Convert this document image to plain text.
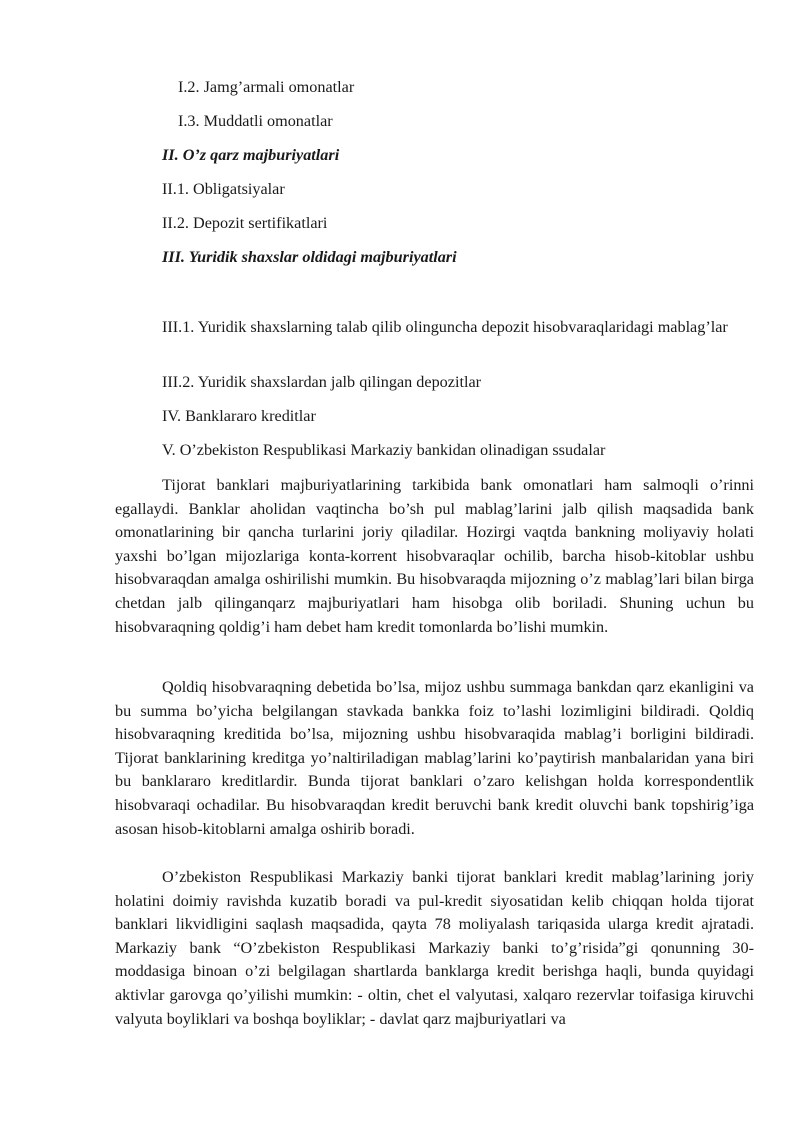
I.2. Jamg’armali omonatlar
I.3. Muddatli omonatlar
II. O’z qarz majburiyatlari
II.1. Obligatsiyalar
II.2. Depozit sertifikatlari
III. Yuridik shaxslar oldidagi majburiyatlari

III.1. Yuridik shaxslarning talab qilib olinguncha depozit hisobvaraqlaridagi mablag’lar

III.2. Yuridik shaxslardan jalb qilingan depozitlar
IV. Banklararo kreditlar
V. O’zbekiston Respublikasi Markaziy bankidan olinadigan ssudalar

Tijorat banklari majburiyatlarining tarkibida bank omonatlari ham salmoqli o’rinni egallaydi. Banklar aholidan vaqtincha bo’sh pul mablag’larini jalb qilish maqsadida bank omonatlarining bir qancha turlarini joriy qiladilar. Hozirgi vaqtda bankning moliyaviy holati yaxshi bo’lgan mijozlariga konta-korrent hisobvaraqlar ochilib, barcha hisob-kitoblar ushbu hisobvaraqdan amalga oshirilishi mumkin. Bu hisobvaraqda mijozning o’z mablag’lari bilan birga chetdan jalb qilinganqarz majburiyatlari ham hisobga olib boriladi. Shuning uchun bu hisobvaraqning qoldig’i ham debet ham kredit tomonlarda bo’lishi mumkin.

Qoldiq hisobvaraqning debetida bo’lsa, mijoz ushbu summaga bankdan qarz ekanligini va bu summa bo’yicha belgilangan stavkada bankka foiz to’lashi lozimligini bildiradi. Qoldiq hisobvaraqning kreditida bo’lsa, mijozning ushbu hisobvaraqida mablag’i borligini bildiradi. Tijorat banklarining kreditga yo’naltiriladigan mablag’larini ko’paytirish manbalaridan yana biri bu banklararo kreditlardir. Bunda tijorat banklari o’zaro kelishgan holda korrespondentlik hisobvaraqi ochadilar. Bu hisobvaraqdan kredit beruvchi bank kredit oluvchi bank topshirig’iga asosan hisob-kitoblarni amalga oshirib boradi.

O’zbekiston Respublikasi Markaziy banki tijorat banklari kredit mablag’larining joriy holatini doimiy ravishda kuzatib boradi va pul-kredit siyosatidan kelib chiqqan holda tijorat banklari likvidligini saqlash maqsadida, qayta 78 moliyalash tariqasida ularga kredit ajratadi. Markaziy bank “O’zbekiston Respublikasi Markaziy banki to’g’risida”gi qonunning 30-moddasiga binoan o’zi belgilagan shartlarda banklarga kredit berishga haqli, bunda quyidagi aktivlar garovga qo’yilishi mumkin: - oltin, chet el valyutasi, xalqaro rezervlar toifasiga kiruvchi valyuta boyliklari va boshqa boyliklar; - davlat qarz majburiyatlari va
